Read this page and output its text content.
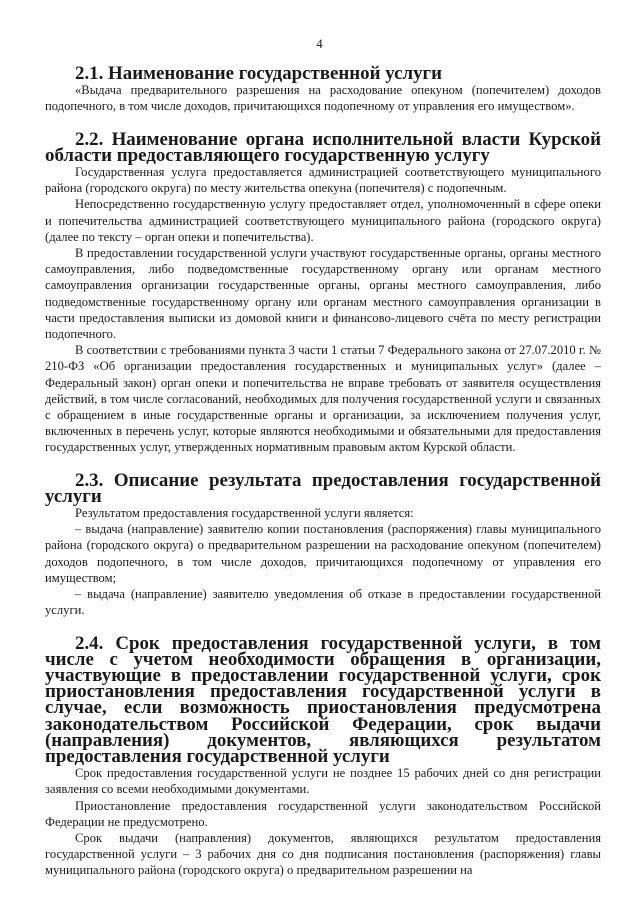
4
2.1. Наименование государственной услуги

«Выдача предварительного разрешения на расходование опекуном (попечителем) доходов подопечного, в том числе доходов, причитающихся подопечному от управления его имуществом».

2.2. Наименование органа исполнительной власти Курской области предоставляющего государственную услугу

Государственная услуга предоставляется администрацией соответствующего муниципального района (городского округа) по месту жительства опекуна (попечителя) с подопечным.

Непосредственно государственную услугу предоставляет отдел, уполномоченный в сфере опеки и попечительства администрацией соответствующего муниципального района (городского округа) (далее по тексту – орган опеки и попечительства).

В предоставлении государственной услуги участвуют государственные органы, органы местного самоуправления, либо подведомственные государственному органу или органам местного самоуправления организации государственные органы, органы местного самоуправления, либо подведомственные государственному органу или органам местного самоуправления организации в части предоставления выписки из домовой книги и финансово-лицевого счёта по месту регистрации подопечного.

В соответствии с требованиями пункта 3 части 1 статьи 7 Федерального закона от 27.07.2010 г. № 210-ФЗ «Об организации предоставления государственных и муниципальных услуг» (далее – Федеральный закон) орган опеки и попечительства не вправе требовать от заявителя осуществления действий, в том числе согласований, необходимых для получения государственной услуги и связанных с обращением в иные государственные органы и организации, за исключением получения услуг, включенных в перечень услуг, которые являются необходимыми и обязательными для предоставления государственных услуг, утвержденных нормативным правовым актом Курской области.

2.3. Описание результата предоставления государственной услуги

Результатом предоставления государственной услуги является:

– выдача (направление) заявителю копии постановления (распоряжения) главы муниципального района (городского округа) о предварительном разрешении на расходование опекуном (попечителем) доходов подопечного, в том числе доходов, причитающихся подопечному от управления его имуществом;

– выдача (направление) заявителю уведомления об отказе в предоставлении государственной услуги.

2.4. Срок предоставления государственной услуги, в том числе с учетом необходимости обращения в организации, участвующие в предоставлении государственной услуги, срок приостановления предоставления государственной услуги в случае, если возможность приостановления предусмотрена законодательством Российской Федерации, срок выдачи (направления) документов, являющихся результатом предоставления государственной услуги

Срок предоставления государственной услуги не позднее 15 рабочих дней со дня регистрации заявления со всеми необходимыми документами.

Приостановление предоставления государственной услуги законодательством Российской Федерации не предусмотрено.

Срок выдачи (направления) документов, являющихся результатом предоставления государственной услуги – 3 рабочих дня со дня подписания постановления (распоряжения) главы муниципального района (городского округа) о предварительном разрешении на
